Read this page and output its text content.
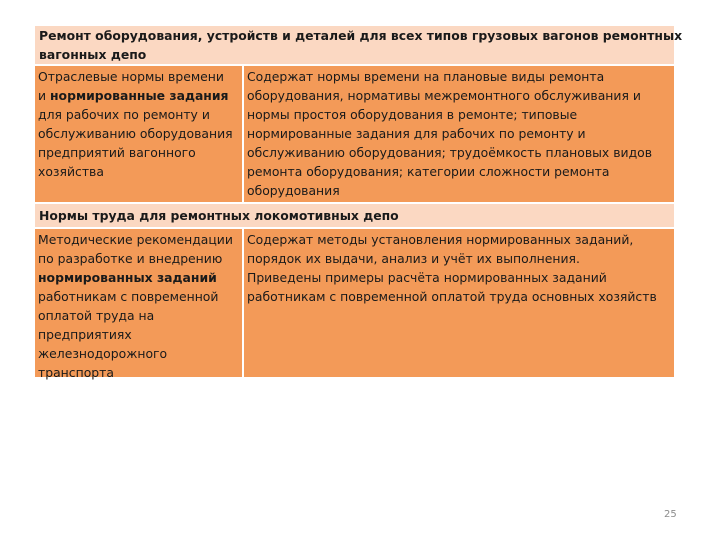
Ремонт оборудования, устройств и деталей для всех типов грузовых вагонов ремонтных
вагонных депо
Отраслевые нормы времени
и нормированные задания
для рабочих по ремонту и
обслуживанию оборудования
предприятий вагонного
хозяйства
Содержат нормы времени на плановые виды ремонта
оборудования, нормативы межремонтного обслуживания и
нормы простоя оборудования в ремонте; типовые
нормированные задания для рабочих по ремонту и
обслуживанию оборудования; трудоёмкость плановых видов
ремонта оборудования; категории сложности ремонта
оборудования
Нормы труда для ремонтных локомотивных депо
Методические рекомендации
по разработке и внедрению
нормированных заданий
работникам с повременной
оплатой труда на
предприятиях
железнодорожного
транспорта
Содержат методы установления нормированных заданий,
порядок их выдачи, анализ и учёт их выполнения.
Приведены примеры расчёта нормированных заданий
работникам с повременной оплатой труда основных хозяйств
25
